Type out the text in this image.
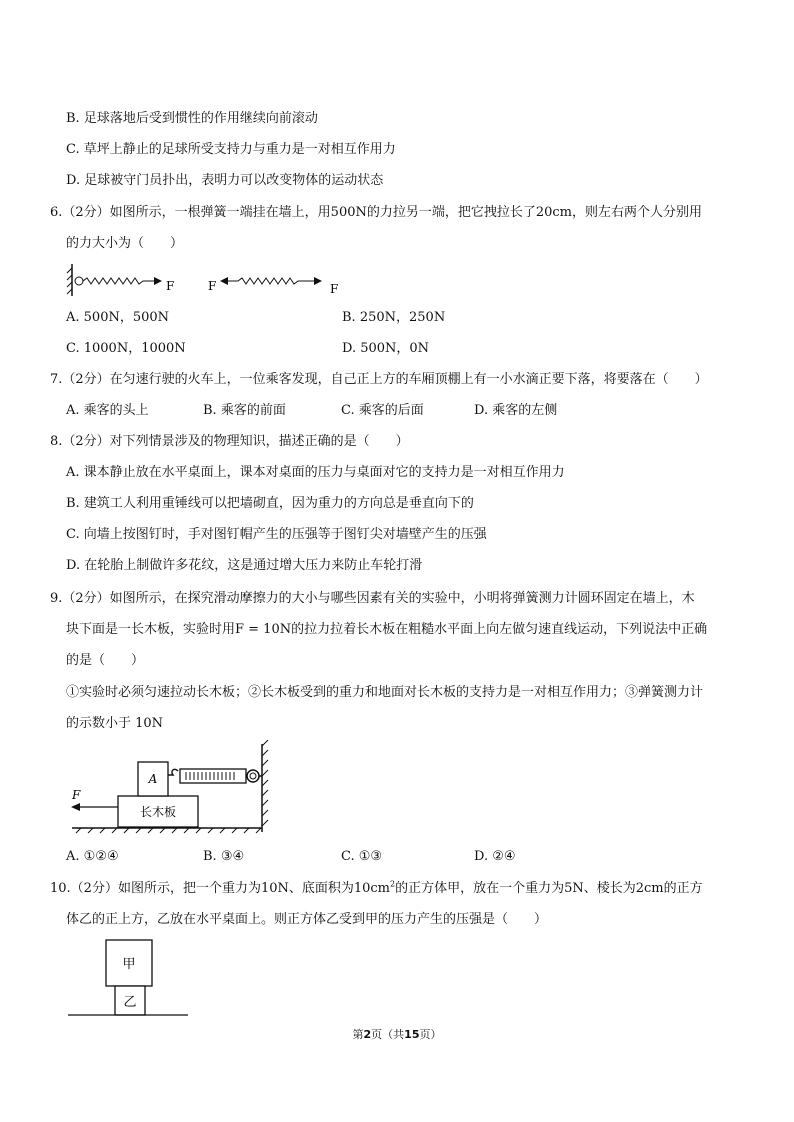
B. 足球落地后受到惯性的作用继续向前滚动
C. 草坪上静止的足球所受支持力与重力是一对相互作用力
D. 足球被守门员扑出，表明力可以改变物体的运动状态
6.（2分）如图所示，一根弹簧一端挂在墙上，用500N的力拉另一端，把它拽拉长了20cm，则左右两个人分别用
的力大小为（　　）
F	F	F
A. 500N，500N	B. 250N，250N
C. 1000N，1000N	D. 500N，0N
7.（2分）在匀速行驶的火车上，一位乘客发现，自己正上方的车厢顶棚上有一小水滴正要下落，将要落在（　　）
A. 乘客的头上	B. 乘客的前面	C. 乘客的后面	D. 乘客的左侧
8.（2分）对下列情景涉及的物理知识，描述正确的是（　　）
A. 课本静止放在水平桌面上，课本对桌面的压力与桌面对它的支持力是一对相互作用力
B. 建筑工人利用重锤线可以把墙砌直，因为重力的方向总是垂直向下的
C. 向墙上按图钉时，手对图钉帽产生的压强等于图钉尖对墙壁产生的压强
D. 在轮胎上制做许多花纹，这是通过增大压力来防止车轮打滑
9.（2分）如图所示，在探究滑动摩擦力的大小与哪些因素有关的实验中，小明将弹簧测力计圆环固定在墙上，木
块下面是一长木板，实验时用F = 10N的拉力拉着长木板在粗糙水平面上向左做匀速直线运动，下列说法中正确
的是（　　）
①实验时必须匀速拉动长木板；②长木板受到的重力和地面对长木板的支持力是一对相互作用力；③弹簧测力计
的示数小于 10N
长木板
A
F
A. ①②④	B. ③④	C. ①③	D. ②④
10.（2分）如图所示，把一个重力为10N、底面积为$10cm^2$的正方体甲，放在一个重力为5N、棱长为2cm的正方
体乙的正上方，乙放在水平桌面上。则正方体乙受到甲的压力产生的压强是（　　）
甲
乙
第2页（共15页）
